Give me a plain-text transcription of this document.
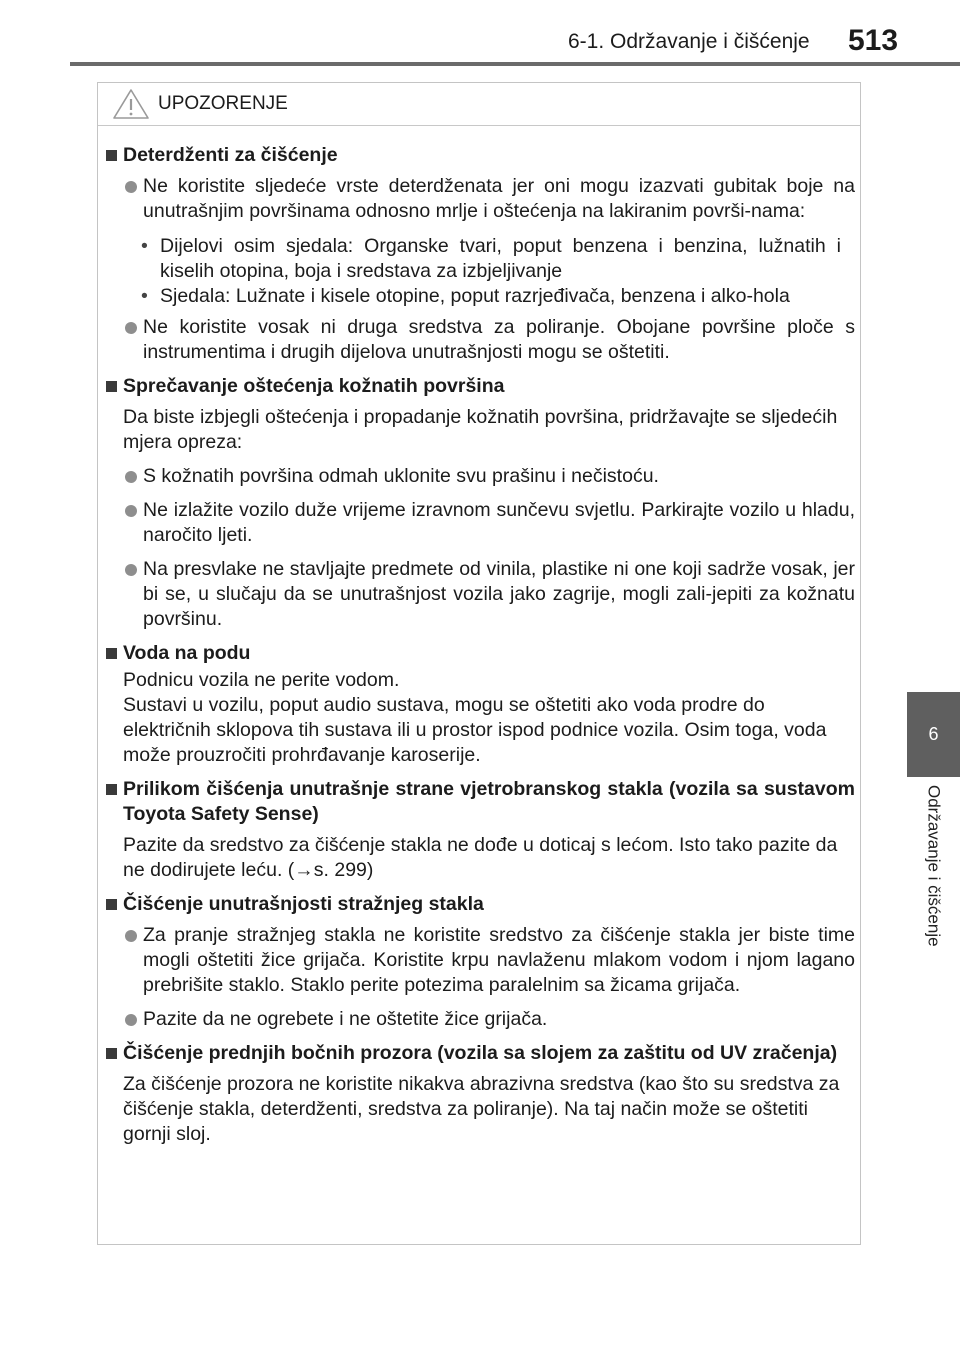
6-1. Održavanje i čišćenje 513
6
Održavanje i čišćenje
UPOZORENJE
Deterdženti za čišćenje
Ne koristite sljedeće vrste deterdženata jer oni mogu izazvati gubitak boje na unutrašnjim površinama odnosno mrlje i oštećenja na lakiranim površi-nama:
• Dijelovi osim sjedala: Organske tvari, poput benzena i benzina, lužnatih i kiselih otopina, boja i sredstava za izbjeljivanje
• Sjedala: Lužnate i kisele otopine, poput razrjeđivača, benzena i alko-hola
Ne koristite vosak ni druga sredstva za poliranje. Obojane površine ploče s instrumentima i drugih dijelova unutrašnjosti mogu se oštetiti.
Sprečavanje oštećenja kožnatih površina
Da biste izbjegli oštećenja i propadanje kožnatih površina, pridržavajte se sljedećih mjera opreza:
S kožnatih površina odmah uklonite svu prašinu i nečistoću.
Ne izlažite vozilo duže vrijeme izravnom sunčevu svjetlu. Parkirajte vozilo u hladu, naročito ljeti.
Na presvlake ne stavljajte predmete od vinila, plastike ni one koji sadrže vosak, jer bi se, u slučaju da se unutrašnjost vozila jako zagrije, mogli zali-jepiti za kožnatu površinu.
Voda na podu
Podnicu vozila ne perite vodom.
Sustavi u vozilu, poput audio sustava, mogu se oštetiti ako voda prodre do električnih sklopova tih sustava ili u prostor ispod podnice vozila. Osim toga, voda može prouzročiti prohrđavanje karoserije.
Prilikom čišćenja unutrašnje strane vjetrobranskog stakla (vozila sa sustavom Toyota Safety Sense)
Pazite da sredstvo za čišćenje stakla ne dođe u doticaj s lećom. Isto tako pazite da ne dodirujete leću. (→s. 299)
Čišćenje unutrašnjosti stražnjeg stakla
Za pranje stražnjeg stakla ne koristite sredstvo za čišćenje stakla jer biste time mogli oštetiti žice grijača. Koristite krpu navlaženu mlakom vodom i njom lagano prebrišite staklo. Staklo perite potezima paralelnim sa žicama grijača.
Pazite da ne ogrebete i ne oštetite žice grijača.
Čišćenje prednjih bočnih prozora (vozila sa slojem za zaštitu od UV zračenja)
Za čišćenje prozora ne koristite nikakva abrazivna sredstva (kao što su sredstva za čišćenje stakla, deterdženti, sredstva za poliranje). Na taj način može se oštetiti gornji sloj.
